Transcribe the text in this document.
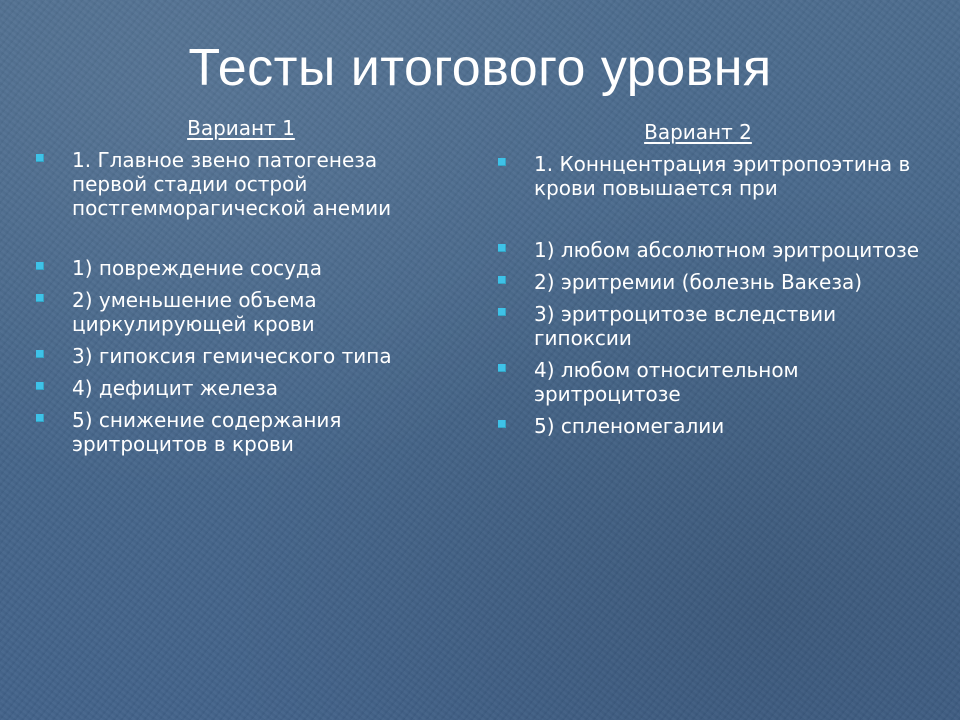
Тесты итогового уровня
Вариант 1
1. Главное звено патогенеза первой стадии острой постгемморагической анемии
1) повреждение сосуда
2) уменьшение объема циркулирующей крови
3) гипоксия гемического типа
4) дефицит железа
5) снижение содержания эритроцитов в крови
Вариант 2
1. Коннцентрация эритропоэтина в крови повышается при
1) любом абсолютном эритроцитозе
2) эритремии (болезнь Вакеза)
3) эритроцитозе вследствии гипоксии
4) любом относительном эритроцитозе
5) спленомегалии
